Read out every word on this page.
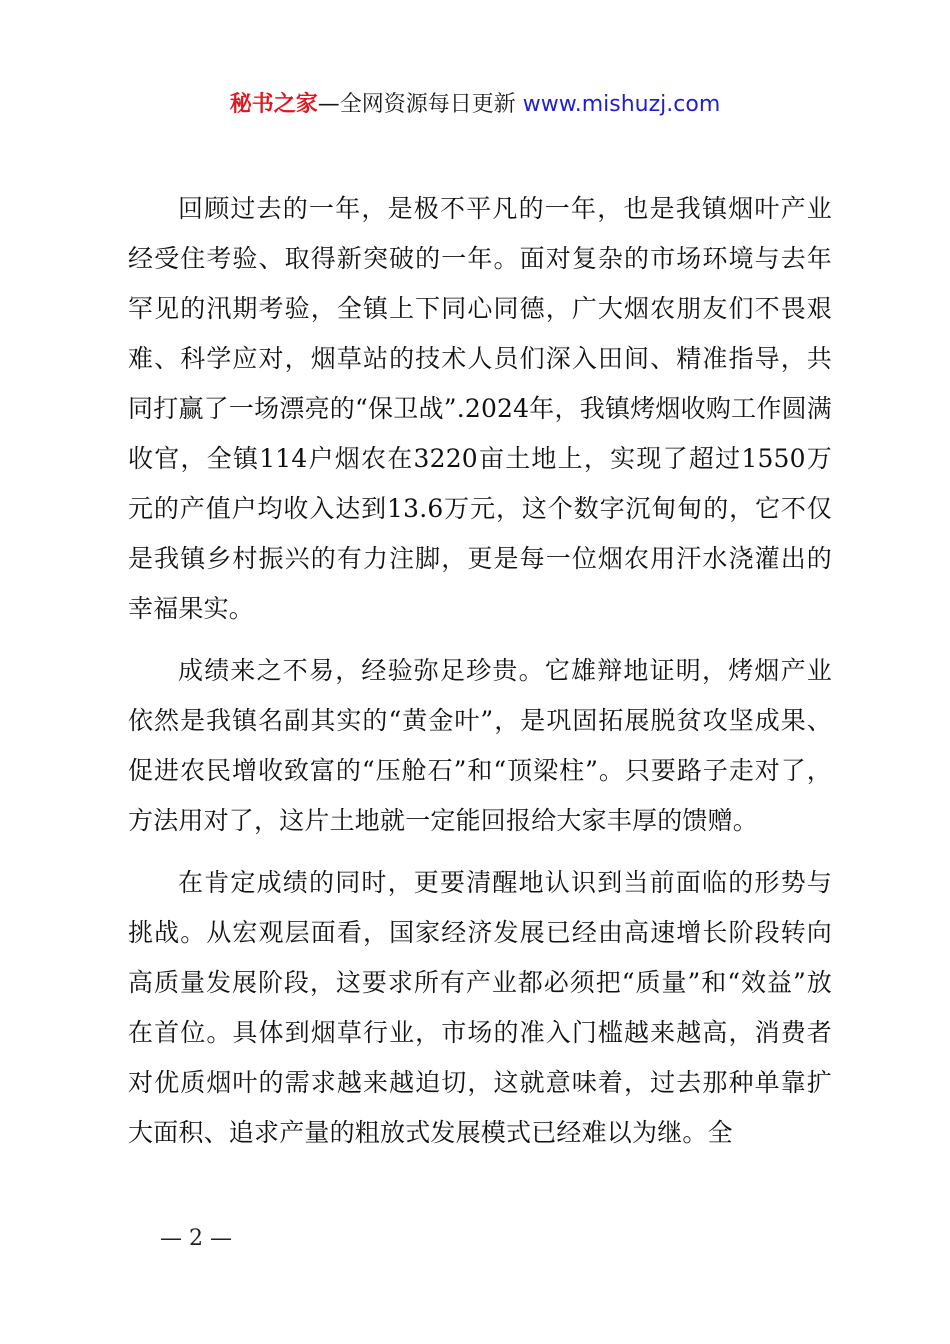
秘书之家—全网资源每日更新 www.mishuzj.com

回顾过去的一年，是极不平凡的一年，也是我镇烟叶产业经受住考验、取得新突破的一年。面对复杂的市场环境与去年罕见的汛期考验，全镇上下同心同德，广大烟农朋友们不畏艰难、科学应对，烟草站的技术人员们深入田间、精准指导，共同打赢了一场漂亮的“保卫战”.2024年，我镇烤烟收购工作圆满收官，全镇114户烟农在3220亩土地上，实现了超过1550万元的产值户均收入达到13.6万元，这个数字沉甸甸的，它不仅是我镇乡村振兴的有力注脚，更是每一位烟农用汗水浇灌出的幸福果实。

成绩来之不易，经验弥足珍贵。它雄辩地证明，烤烟产业依然是我镇名副其实的“黄金叶”，是巩固拓展脱贫攻坚成果、促进农民增收致富的“压舱石”和“顶梁柱”。只要路子走对了，方法用对了，这片土地就一定能回报给大家丰厚的馈赠。

在肯定成绩的同时，更要清醒地认识到当前面临的形势与挑战。从宏观层面看，国家经济发展已经由高速增长阶段转向高质量发展阶段，这要求所有产业都必须把“质量”和“效益”放在首位。具体到烟草行业，市场的准入门槛越来越高，消费者对优质烟叶的需求越来越迫切，这就意味着，过去那种单靠扩大面积、追求产量的粗放式发展模式已经难以为继。全

— 2 —
